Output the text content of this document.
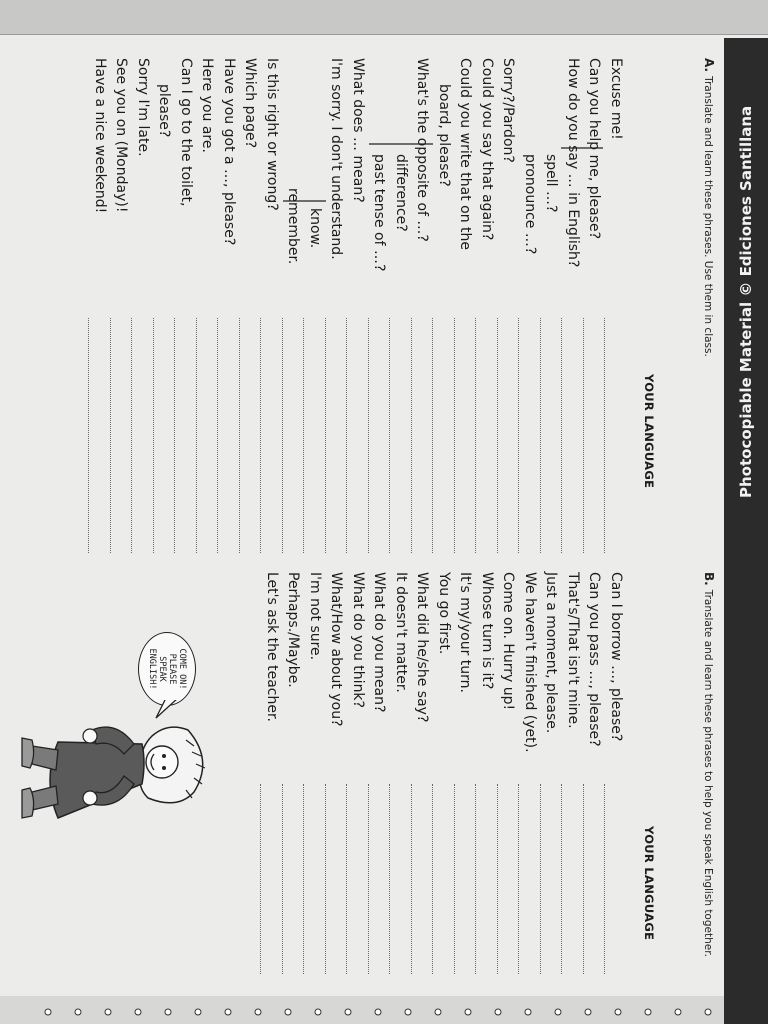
Photocopiable Material © Ediciones Santillana
A.Translate and learn these phrases. Use them in class.
YOUR LANGUAGE
Excuse me!
Can you help me, please?
How do you say … in English?
spell …?
pronounce …?
Sorry?/Pardon?
Could you say that again?
Could you write that on the
board, please?
What's the opposite of …?
difference?
past tense of …?
What does … mean?
I'm sorry. I don't understand.
know.
remember.
Is this right or wrong?
Which page?
Have you got a …, please?
Here you are.
Can I go to the toilet,
please?
Sorry I'm late.
See you on (Monday)!
Have a nice weekend!
B.Translate and learn these phrases to help you speak English together.
YOUR LANGUAGE
Can I borrow …, please?
Can you pass …, please?
That's/That isn't mine.
Just a moment, please.
We haven't finished (yet).
Come on. Hurry up!
Whose turn is it?
It's my/your turn.
You go first.
What did he/she say?
It doesn't matter.
What do you mean?
What do you think?
What/How about you?
I'm not sure.
Perhaps./Maybe.
Let's ask the teacher.
COME ON!
PLEASE
SPEAK
ENGLISH!
